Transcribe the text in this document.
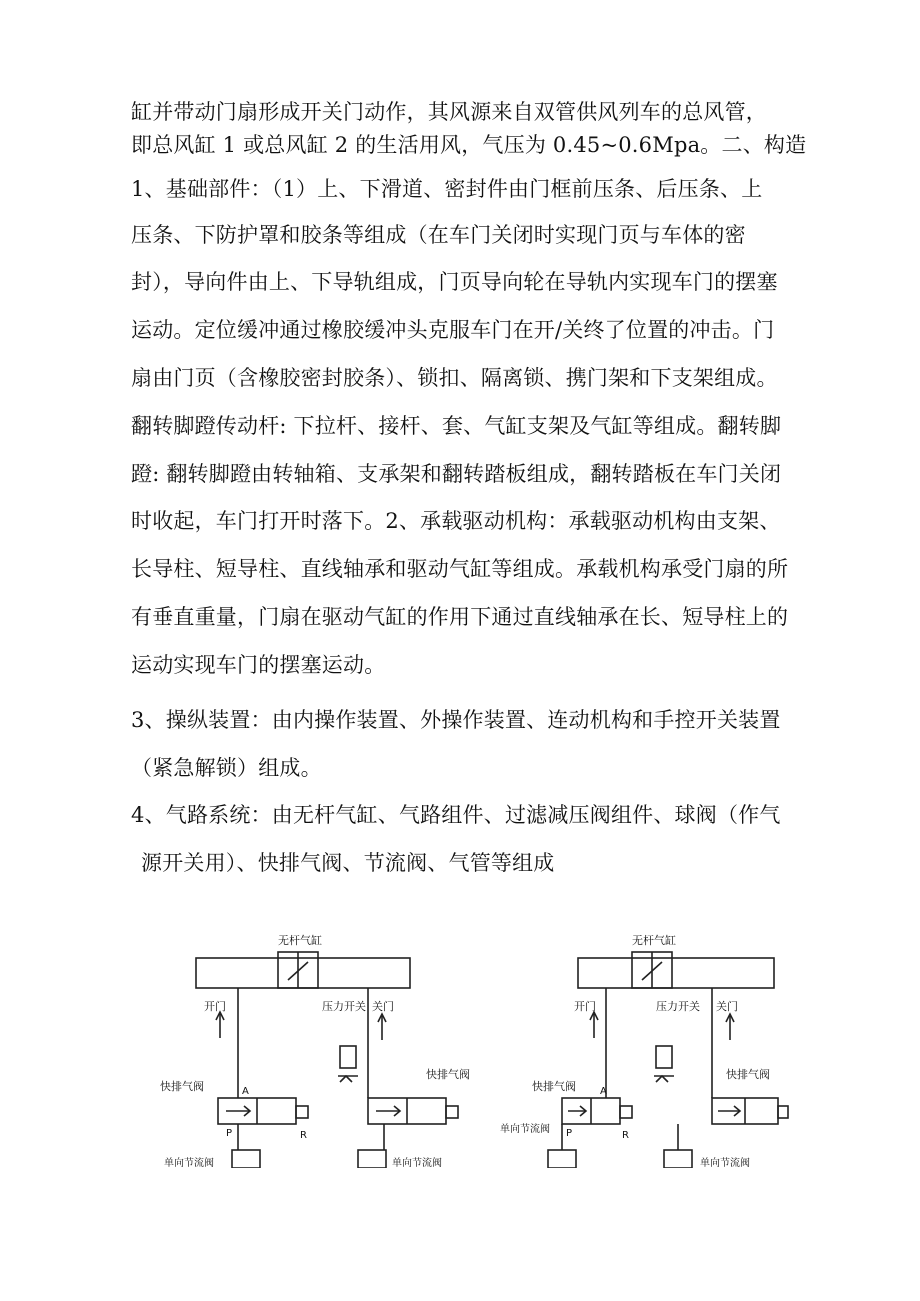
缸并带动门扇形成开关门动作，其风源来自双管供风列车的总风管，
即总风缸 1 或总风缸 2 的生活用风，气压为 0.45~0.6Mpa。二、构造
1、基础部件：（1）上、下滑道、密封件由门框前压条、后压条、上
压条、下防护罩和胶条等组成（在车门关闭时实现门页与车体的密
封），导向件由上、下导轨组成，门页导向轮在导轨内实现车门的摆塞
运动。定位缓冲通过橡胶缓冲头克服车门在开/关终了位置的冲击。门
扇由门页（含橡胶密封胶条）、锁扣、隔离锁、携门架和下支架组成。
翻转脚蹬传动杆: 下拉杆、接杆、套、气缸支架及气缸等组成。翻转脚
蹬: 翻转脚蹬由转轴箱、支承架和翻转踏板组成，翻转踏板在车门关闭
时收起，车门打开时落下。2、承载驱动机构：承载驱动机构由支架、
长导柱、短导柱、直线轴承和驱动气缸等组成。承载机构承受门扇的所
有垂直重量，门扇在驱动气缸的作用下通过直线轴承在长、短导柱上的
运动实现车门的摆塞运动。
3、操纵装置：由内操作装置、外操作装置、连动机构和手控开关装置
（紧急解锁）组成。
4、气路系统：由无杆气缸、气路组件、过滤减压阀组件、球阀（作气
源开关用）、快排气阀、节流阀、气管等组成
无杆气缸
开门	关门
压力开关
快排气阀
快排气阀
A
P	R
单向节流阀	单向节流阀
无杆气缸
开门	关门
压力开关
快排气阀
快排气阀
A
P	R
单向节流阀
单向节流阀
